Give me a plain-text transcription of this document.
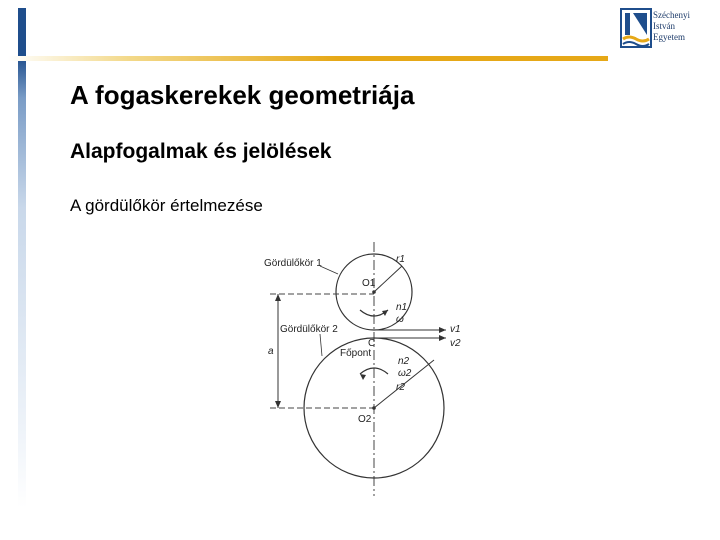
Széchenyi
István
Egyetem
A fogaskerekek geometriája
Alapfogalmak és jelölések

A gördülőkör értelmezése

Gördülőkör 1
Gördülőkör 2
Főpont
C
O1
O2
r1
r2
n1
ω
n2
ω2
v1
v2
a
